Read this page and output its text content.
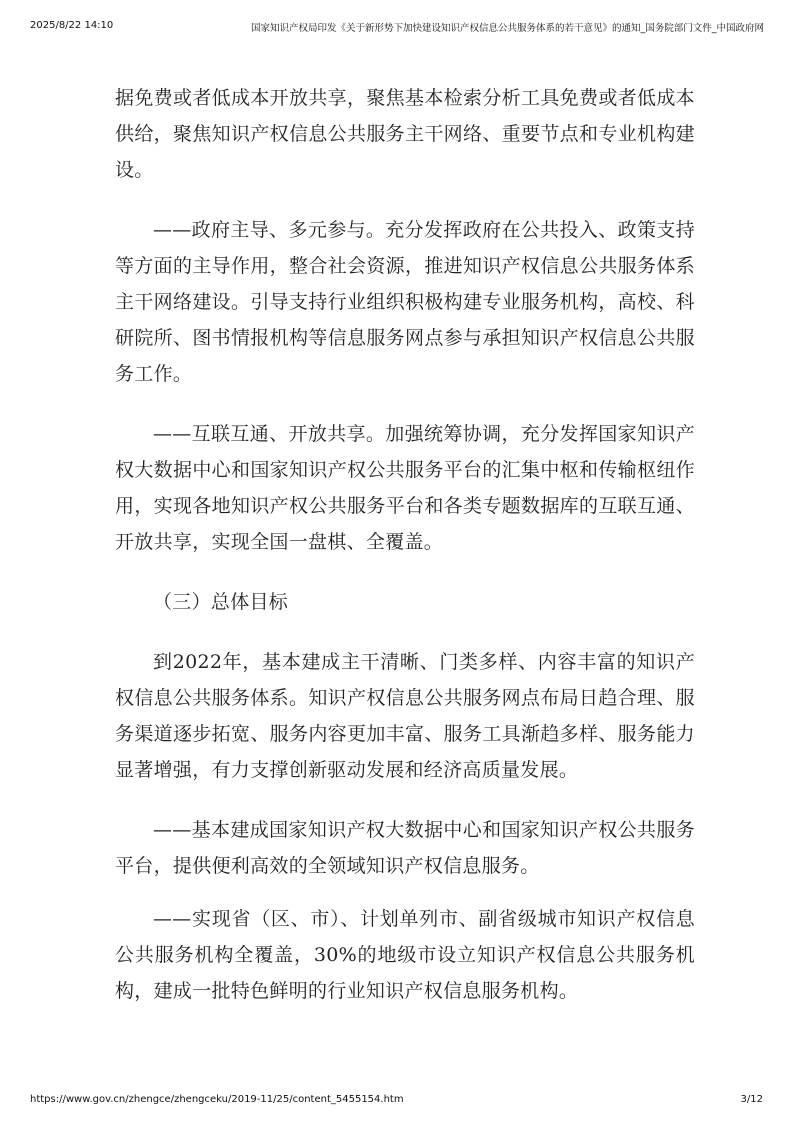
2025/8/22 14:10	国家知识产权局印发《关于新形势下加快建设知识产权信息公共服务体系的若干意见》的通知_国务院部门文件_中国政府网

据免费或者低成本开放共享，聚焦基本检索分析工具免费或者低成本供给，聚焦知识产权信息公共服务主干网络、重要节点和专业机构建设。

——政府主导、多元参与。充分发挥政府在公共投入、政策支持等方面的主导作用，整合社会资源，推进知识产权信息公共服务体系主干网络建设。引导支持行业组织积极构建专业服务机构，高校、科研院所、图书情报机构等信息服务网点参与承担知识产权信息公共服务工作。

——互联互通、开放共享。加强统筹协调，充分发挥国家知识产权大数据中心和国家知识产权公共服务平台的汇集中枢和传输枢纽作用，实现各地知识产权公共服务平台和各类专题数据库的互联互通、开放共享，实现全国一盘棋、全覆盖。

（三）总体目标

到2022年，基本建成主干清晰、门类多样、内容丰富的知识产权信息公共服务体系。知识产权信息公共服务网点布局日趋合理、服务渠道逐步拓宽、服务内容更加丰富、服务工具渐趋多样、服务能力显著增强，有力支撑创新驱动发展和经济高质量发展。

——基本建成国家知识产权大数据中心和国家知识产权公共服务平台，提供便利高效的全领域知识产权信息服务。

——实现省（区、市）、计划单列市、副省级城市知识产权信息公共服务机构全覆盖，30%的地级市设立知识产权信息公共服务机构，建成一批特色鲜明的行业知识产权信息服务机构。

https://www.gov.cn/zhengce/zhengceku/2019-11/25/content_5455154.htm	3/12
